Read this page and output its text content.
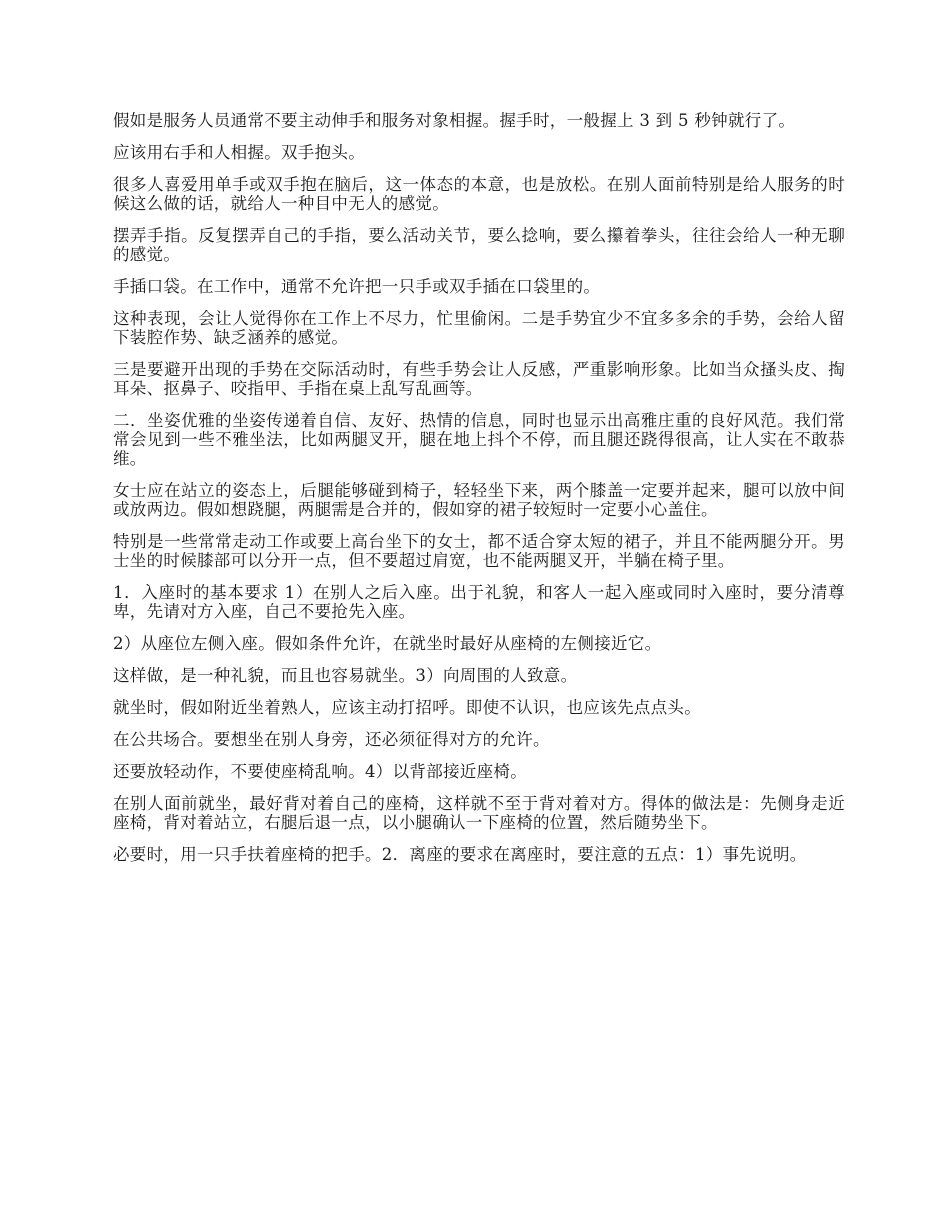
假如是服务人员通常不要主动伸手和服务对象相握。握手时，一般握上 3 到 5 秒钟就行了。

应该用右手和人相握。双手抱头。

很多人喜爱用单手或双手抱在脑后，这一体态的本意，也是放松。在别人面前特别是给人服务的时候这么做的话，就给人一种目中无人的感觉。

摆弄手指。反复摆弄自己的手指，要么活动关节，要么捻响，要么攥着拳头，往往会给人一种无聊的感觉。

手插口袋。在工作中，通常不允许把一只手或双手插在口袋里的。

这种表现，会让人觉得你在工作上不尽力，忙里偷闲。二是手势宜少不宜多多余的手势，会给人留下装腔作势、缺乏涵养的感觉。

三是要避开出现的手势在交际活动时，有些手势会让人反感，严重影响形象。比如当众搔头皮、掏耳朵、抠鼻子、咬指甲、手指在桌上乱写乱画等。

二．坐姿优雅的坐姿传递着自信、友好、热情的信息，同时也显示出高雅庄重的良好风范。我们常常会见到一些不雅坐法，比如两腿叉开，腿在地上抖个不停，而且腿还跷得很高，让人实在不敢恭维。

女士应在站立的姿态上，后腿能够碰到椅子，轻轻坐下来，两个膝盖一定要并起来，腿可以放中间或放两边。假如想跷腿，两腿需是合并的，假如穿的裙子较短时一定要小心盖住。

特别是一些常常走动工作或要上高台坐下的女士，都不适合穿太短的裙子，并且不能两腿分开。男士坐的时候膝部可以分开一点，但不要超过肩宽，也不能两腿叉开，半躺在椅子里。

1．入座时的基本要求 1）在别人之后入座。出于礼貌，和客人一起入座或同时入座时，要分清尊卑，先请对方入座，自己不要抢先入座。

2）从座位左侧入座。假如条件允许，在就坐时最好从座椅的左侧接近它。

这样做，是一种礼貌，而且也容易就坐。3）向周围的人致意。

就坐时，假如附近坐着熟人，应该主动打招呼。即使不认识，也应该先点点头。

在公共场合。要想坐在别人身旁，还必须征得对方的允许。

还要放轻动作，不要使座椅乱响。4）以背部接近座椅。

在别人面前就坐，最好背对着自己的座椅，这样就不至于背对着对方。得体的做法是：先侧身走近座椅，背对着站立，右腿后退一点，以小腿确认一下座椅的位置，然后随势坐下。

必要时，用一只手扶着座椅的把手。2．离座的要求在离座时，要注意的五点：1）事先说明。
